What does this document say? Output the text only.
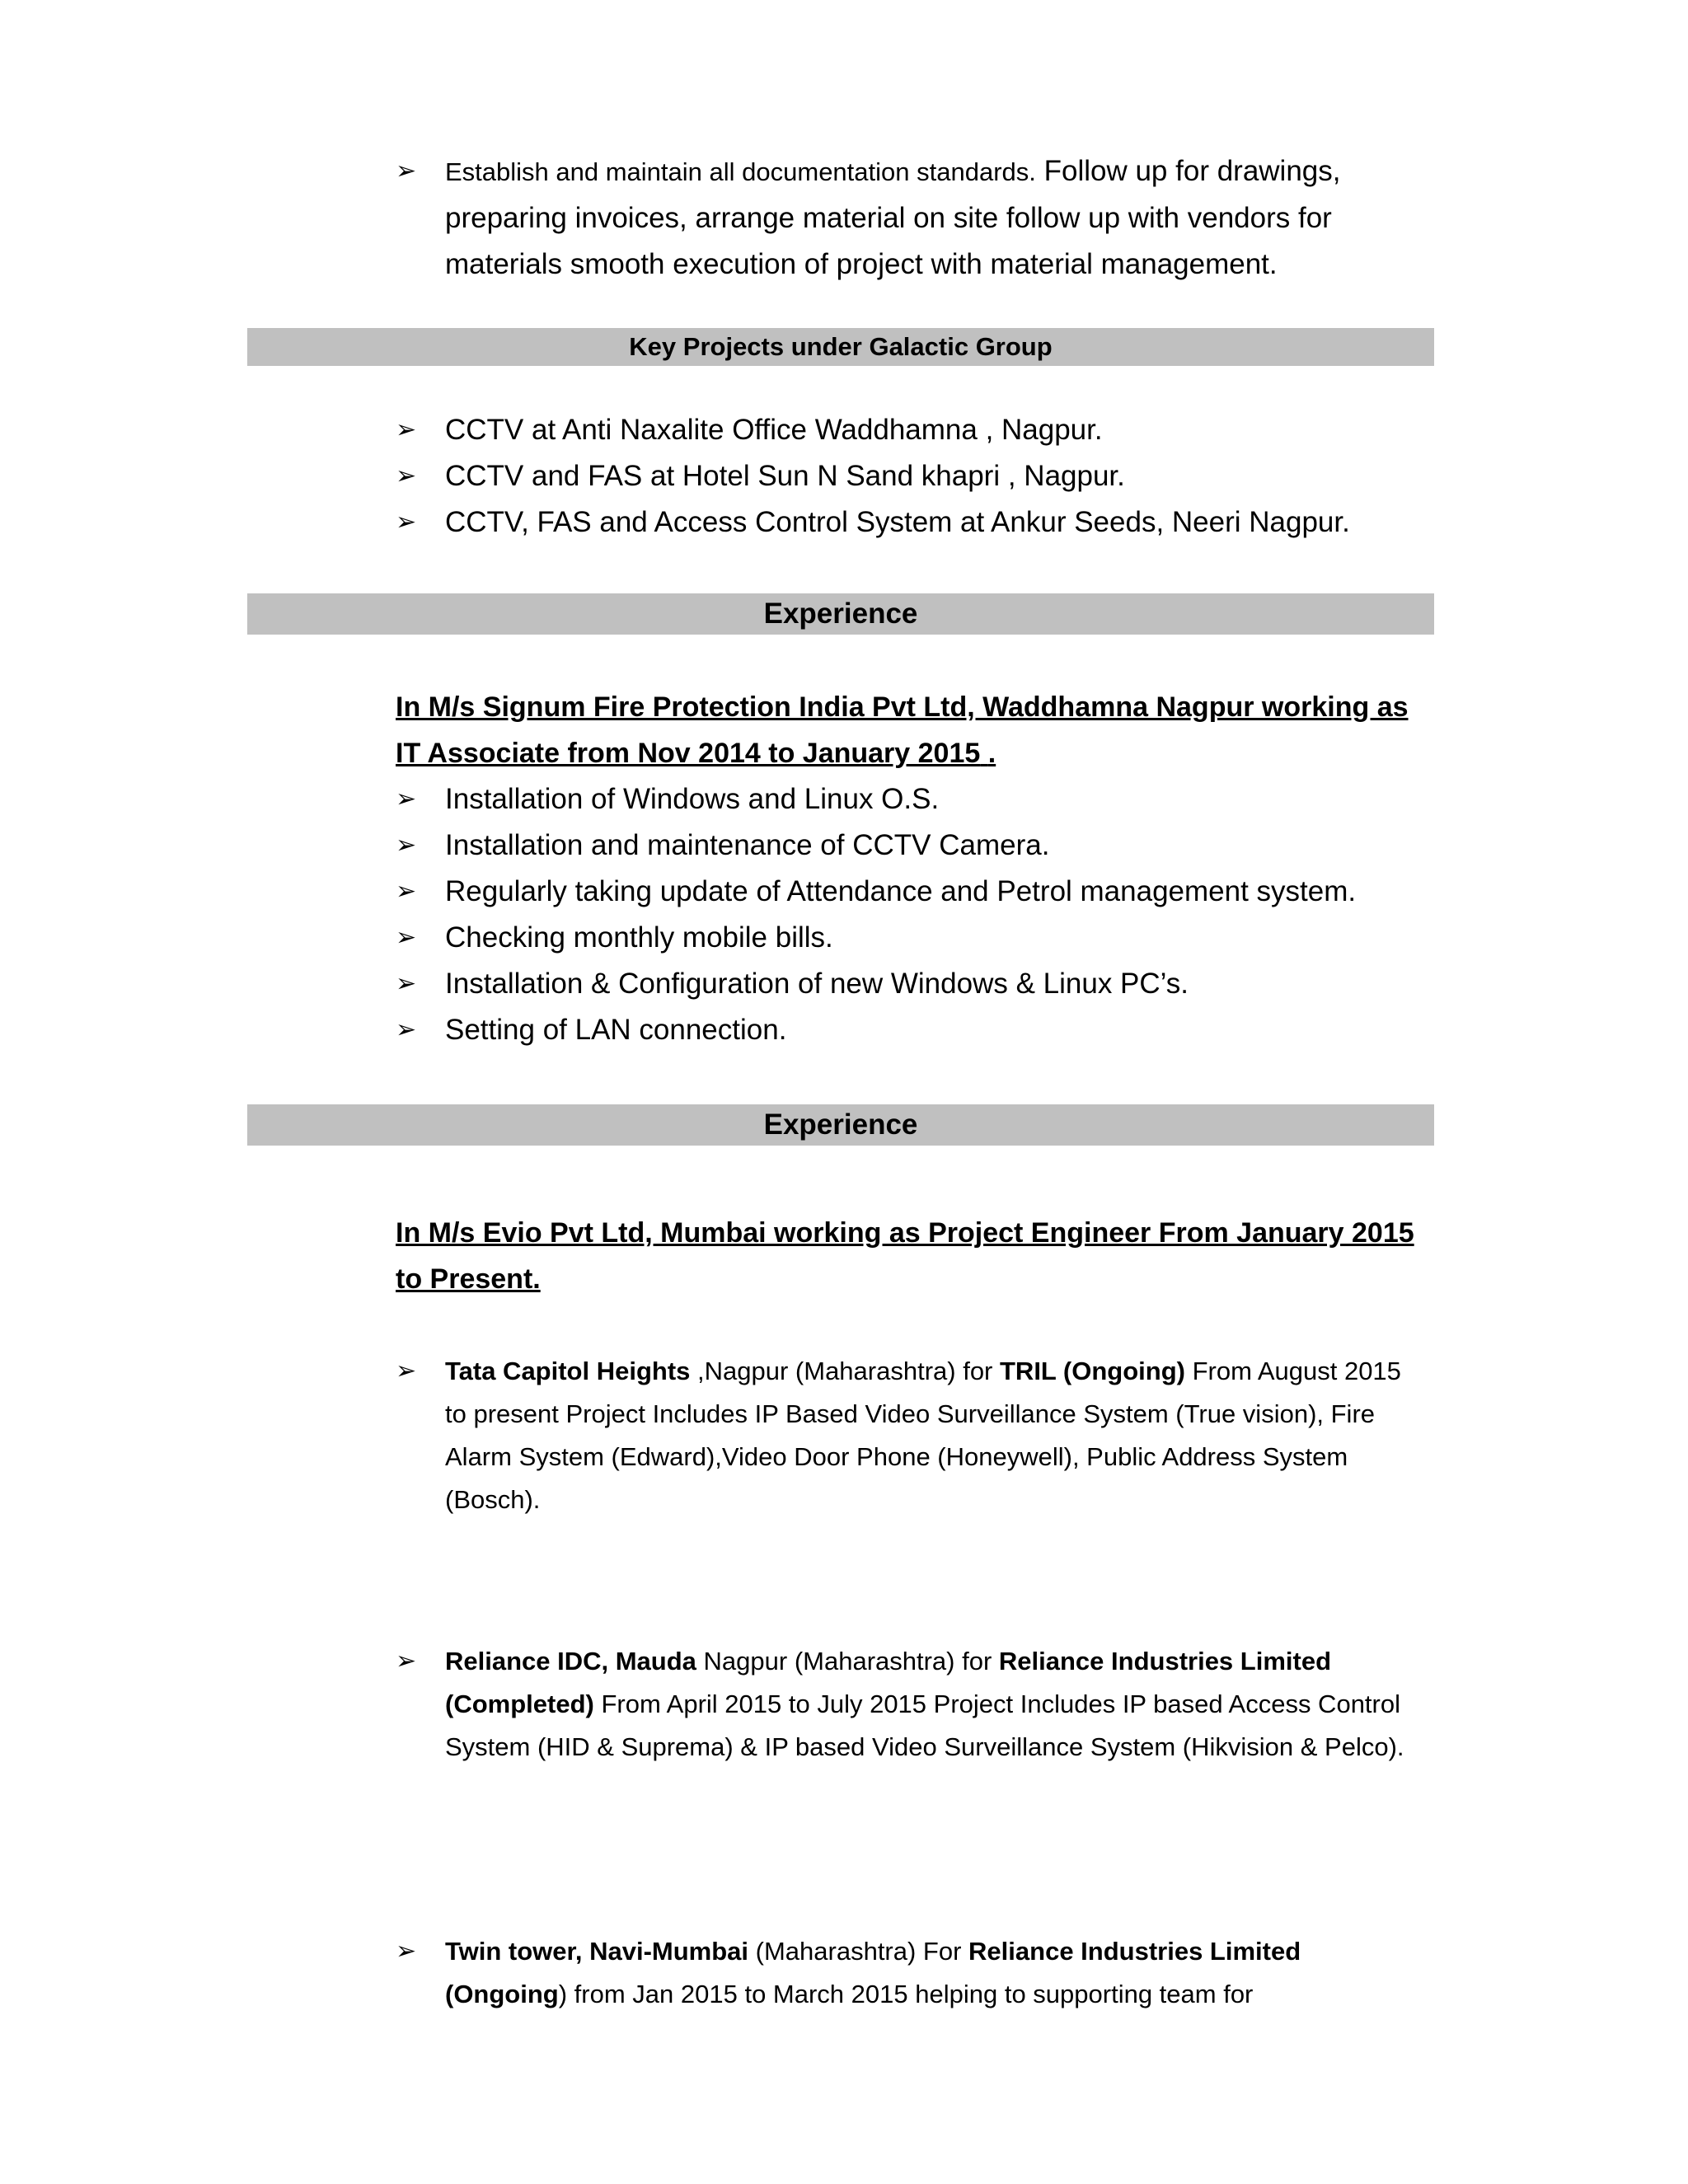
➢	Establish and maintain all documentation standards. Follow up for drawings, preparing invoices, arrange material on site follow up with vendors for materials smooth execution of project with material management.
Key Projects under Galactic Group
➢ CCTV at Anti Naxalite Office Waddhamna , Nagpur.
➢ CCTV and FAS at Hotel Sun N Sand khapri , Nagpur.
➢ CCTV, FAS and Access Control System at Ankur Seeds, Neeri Nagpur.
Experience
In M/s Signum Fire Protection India Pvt Ltd, Waddhamna Nagpur working as IT Associate from Nov 2014 to January 2015 .
➢ Installation of Windows and Linux O.S.
➢ Installation and maintenance of CCTV Camera.
➢ Regularly taking update of Attendance and Petrol management system.
➢ Checking monthly mobile bills.
➢ Installation & Configuration of new Windows & Linux PC’s.
➢ Setting of LAN connection.
Experience
In M/s Evio Pvt Ltd, Mumbai working as Project Engineer From January 2015 to Present.
➢	Tata Capitol Heights ,Nagpur (Maharashtra) for TRIL (Ongoing) From August 2015 to present Project Includes IP Based Video Surveillance System (True vision), Fire Alarm System (Edward),Video Door Phone (Honeywell), Public Address System (Bosch).
➢	Reliance IDC, Mauda Nagpur (Maharashtra) for Reliance Industries Limited (Completed) From April 2015 to July 2015 Project Includes IP based Access Control System (HID & Suprema) & IP based Video Surveillance System (Hikvision & Pelco).
➢	Twin tower, Navi-Mumbai (Maharashtra) For Reliance Industries Limited (Ongoing) from Jan 2015 to March 2015 helping to supporting team for
